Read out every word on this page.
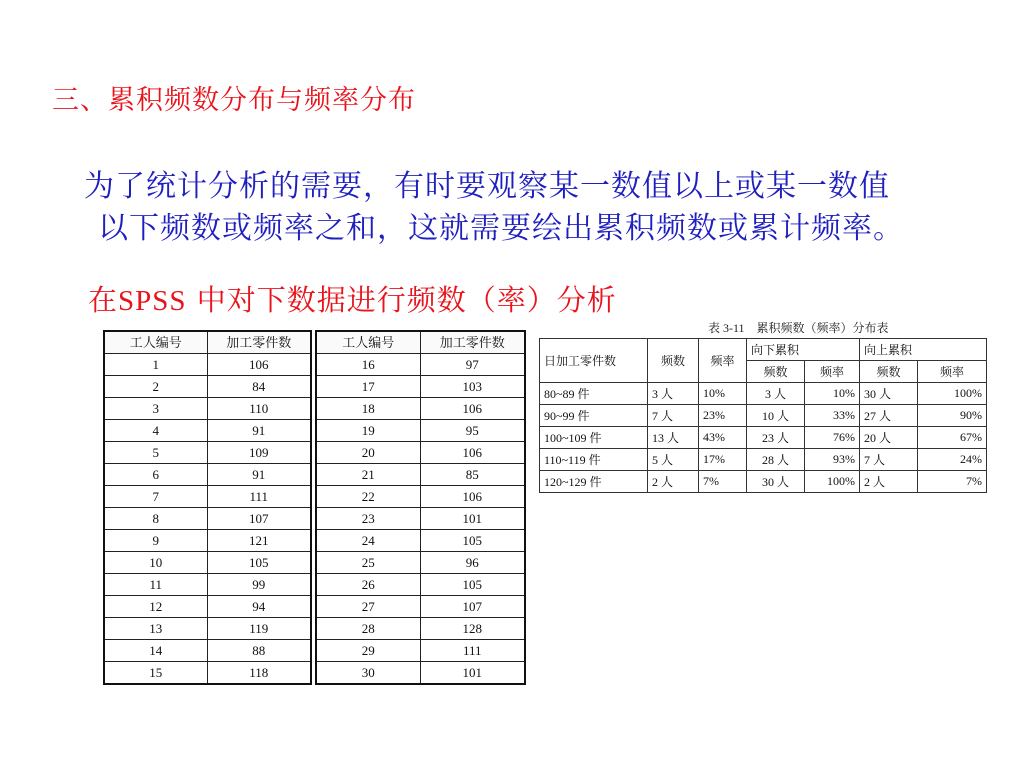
三、累积频数分布与频率分布
为了统计分析的需要，有时要观察某一数值以上或某一数值
以下频数或频率之和，这就需要绘出累积频数或累计频率。
在SPSS 中对下数据进行频数（率）分析
工人编号	加工零件数
1	106
2	84
3	110
4	91
5	109
6	91
7	111
8	107
9	121
10	105
11	99
12	94
13	119
14	88
15	118
工人编号	加工零件数
16	97
17	103
18	106
19	95
20	106
21	85
22	106
23	101
24	105
25	96
26	105
27	107
28	128
29	111
30	101
表 3-11　累积频数（频率）分布表
日加工零件数	频数	频率	向下累积		向上累积	
			频数	频率	频数	频率
80~89 件	3 人	10%	3 人	10%	30 人	100%
90~99 件	7 人	23%	10 人	33%	27 人	90%
100~109 件	13 人	43%	23 人	76%	20 人	67%
110~119 件	5 人	17%	28 人	93%	7 人	24%
120~129 件	2 人	7%	30 人	100%	2 人	7%
